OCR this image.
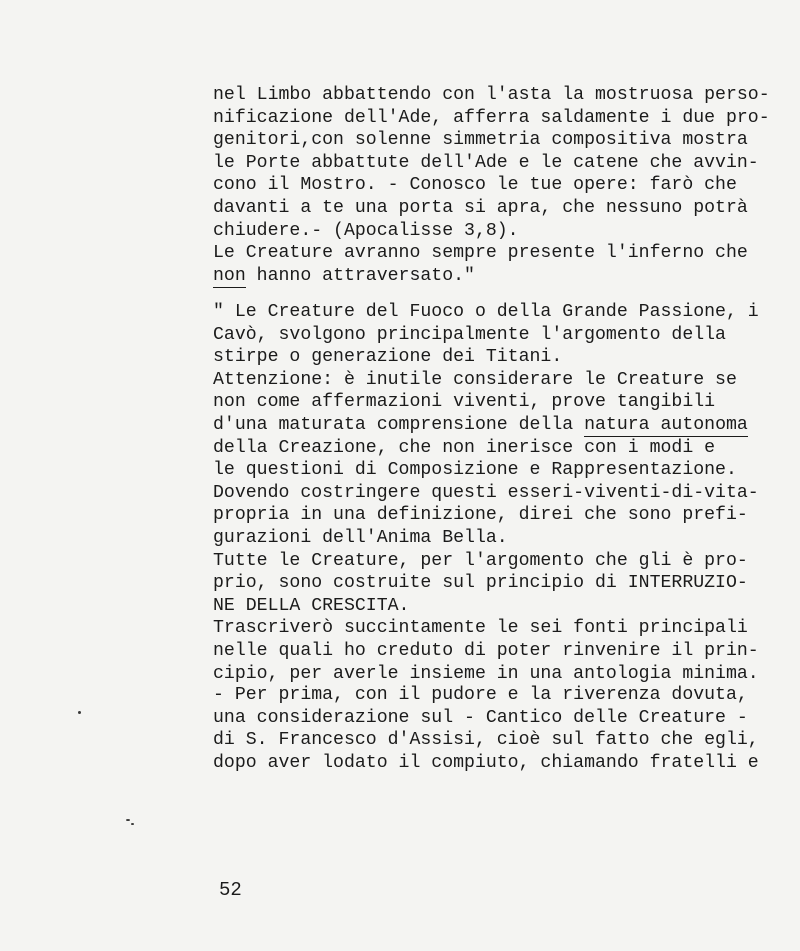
nel Limbo abbattendo con l'asta la mostruosa perso-
nificazione dell'Ade, afferra saldamente i due pro-
genitori,con solenne simmetria compositiva mostra
le Porte abbattute dell'Ade e le catene che avvin-
cono il Mostro. - Conosco le tue opere: farò che
davanti a te una porta si apra, che nessuno potrà
chiudere.- (Apocalisse 3,8).
Le Creature avranno sempre presente l'inferno che
non hanno attraversato."
" Le Creature del Fuoco o della Grande Passione, i
Cavò, svolgono principalmente l'argomento della
stirpe o generazione dei Titani.
Attenzione: è inutile considerare le Creature se
non come affermazioni viventi, prove tangibili
d'una maturata comprensione della natura autonoma
della Creazione, che non inerisce con i modi e
le questioni di Composizione e Rappresentazione.
Dovendo costringere questi esseri-viventi-di-vita-
propria in una definizione, direi che sono prefi-
gurazioni dell'Anima Bella.
Tutte le Creature, per l'argomento che gli è pro-
prio, sono costruite sul principio di INTERRUZIO-
NE DELLA CRESCITA.
Trascriverò succintamente le sei fonti principali
nelle quali ho creduto di poter rinvenire il prin-
cipio, per averle insieme in una antologia minima.
- Per prima, con il pudore e la riverenza dovuta,
una considerazione sul - Cantico delle Creature -
di S. Francesco d'Assisi, cioè sul fatto che egli,
dopo aver lodato il compiuto, chiamando fratelli e
52
